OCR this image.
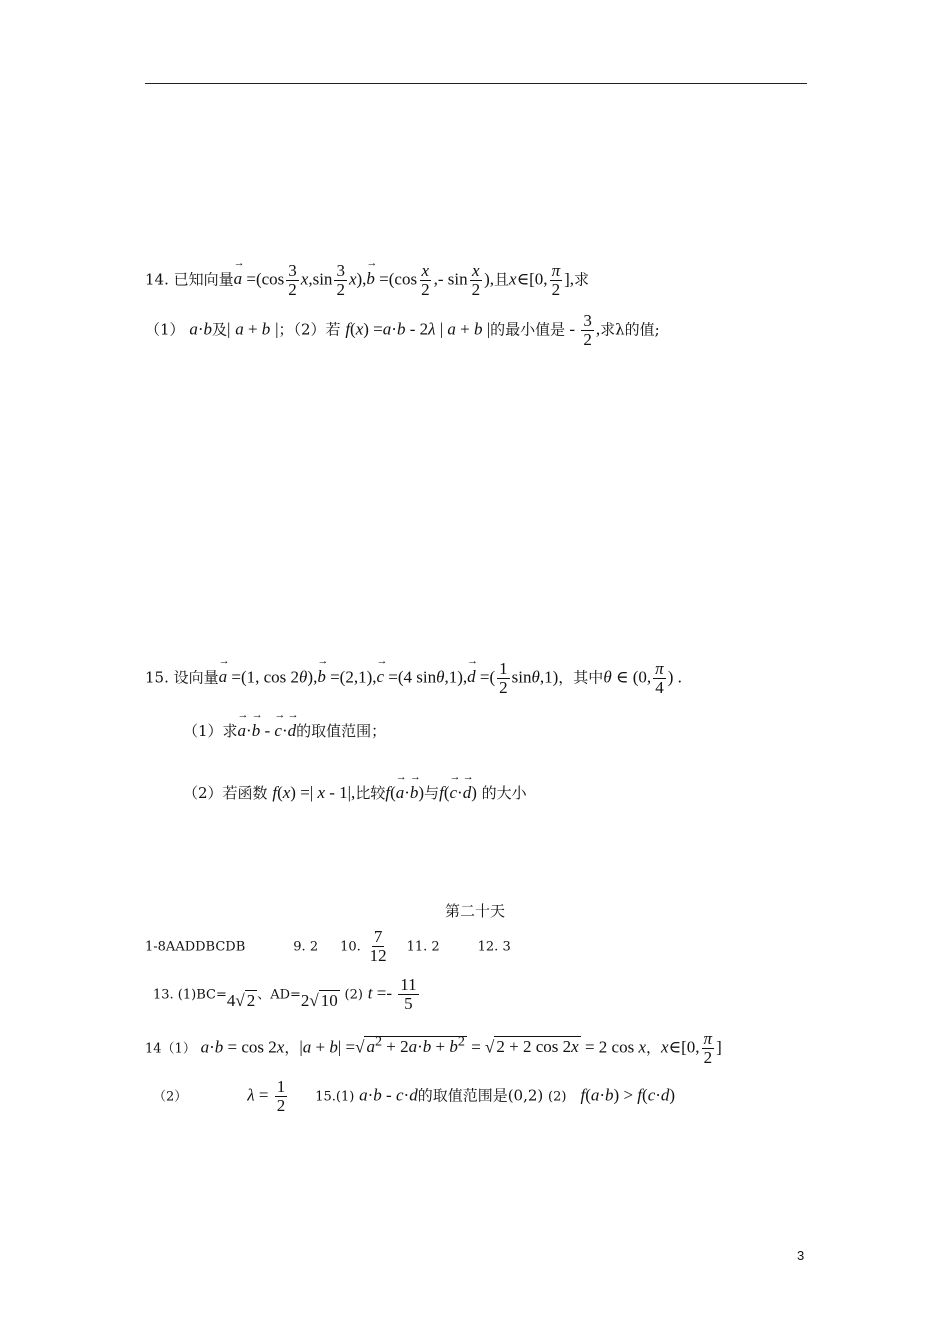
14. 已知向量→ $a =(\cos \frac{3}{2} x,\sin \frac{3}{2} x),\to b =(\cos \frac{x}{2}$ ,- $\sin \frac{x}{2}$ ),且x∈[0, $\frac{\pi}{2}$ ],求
（1） a·b及| a + b |；（2）若 f(x) =a·b - 2λ | a + b |的最小值是 - $\frac{3}{2}$ ,求λ的值;
15. 设向量→ a =(1, cos 2θ),→ b =(2,1),→ c =(4 sinθ,1),→ d =( $\frac{1}{2} \sin\theta,1$)，其中θ ∈ (0, $\frac{\pi}{4}$ ) .
（1）求→ a·→ b - → c·→ d的取值范围；
（2）若函数 f(x) =| x - 1|,比较f(→ a·→ b)与f(→ c·→ d) 的大小
第二十天
1-8AADDBCDB	9. 2 10. $\frac{7}{12} 11$. 2	12. 3
13. (1)BC=4√ 2 、AD=2√ 10 (2) $t =- \frac{11}{5}$
14（1） a·b = cos 2x，|a + b| =√ $a^2 + 2a\cdot b + b^2$ = √ 2 + 2 cos 2x = 2 cos x，x∈[0, $\frac{\pi}{2}$ ]
（2）	$\lambda = \frac{1}{2} 15.(1)$ a·b - c·d的取值范围是(0,2) (2) f(a·b) > f(c·d)
3
